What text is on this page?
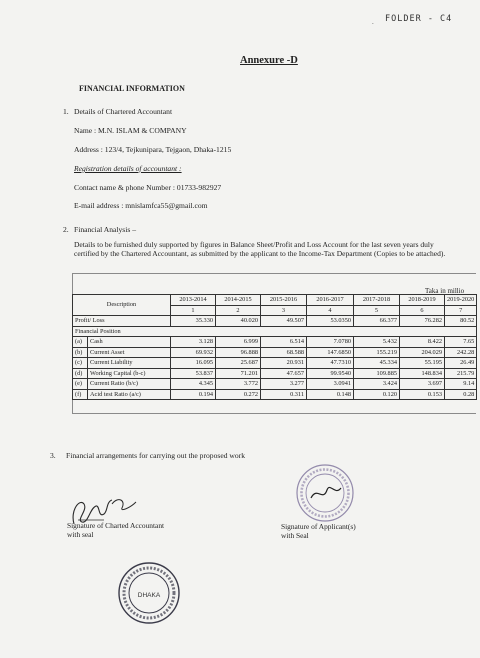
. FOLDER - C4
Annexure -D
FINANCIAL INFORMATION
1. Details of Chartered Accountant
Name : M.N. ISLAM & COMPANY
Address : 123/4, Tejkunipara, Tejgaon, Dhaka-1215
Registration details of accountant :
Contact name & phone Number : 01733-982927
E-mail address : mnislamfca55@gmail.com
2. Financial Analysis –
Details to be furnished duly supported by figures in Balance Sheet/Profit and Loss Account for the last seven years duly certified by the Chartered Accountant, as submitted by the applicant to the Income-Tax Department (Copies to be attached).
Taka in millio
Description		2013-2014	2014-2015	2015-2016	2016-2017	2017-2018	2018-2019	2019-2020
		1	2	3	4	5	6	7
Profit/ Loss		35.330	40.020	49.507	53.0350	66.377	76.282	80.52
Financial Position								
(a)	Cash	3.128	6.999	6.514	7.0780	5.432	8.422	7.65
(b)	Current Asset	69.932	96.888	68.588	147.6850	155.219	204.029	242.28
(c)	Current Liability	16.095	25.687	20.931	47.7310	45.334	55.195	26.49
(d)	Working Capital (b-c)	53.837	71.201	47.657	99.9540	109.885	148.834	215.79
(e)	Current Ratio (b/c)	4.345	3.772	3.277	3.0941	3.424	3.697	9.14
(f)	Acid test Ratio (a/c)	0.194	0.272	0.311	0.148	0.120	0.153	0.28
3. Financial arrangements for carrying out the proposed work
Signature of Charted Accountant
with seal
DHAKA
Signature of Applicant(s)
with Seal
